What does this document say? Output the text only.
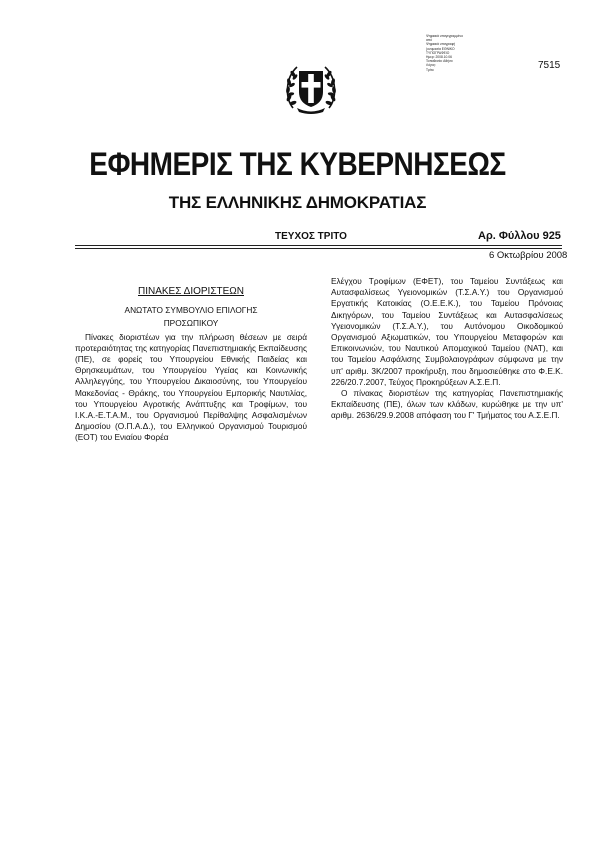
Ψηφιακά υπογεγραμμένο
από
Ψηφιακά υπογραφή
(ονομασία ΕΘΝΙΚΟ
ΤΥΠΟΓΡΑΦΕΙΟ
Ημερ: 2008.10.06
Τοποθεσία: Αθήνα
Λόγος:
Τρίτο	7515
ΕΦΗΜΕΡΙΣ ΤΗΣ ΚΥΒΕΡΝΗΣΕΩΣ
ΤΗΣ ΕΛΛΗΝΙΚΗΣ ΔΗΜΟΚΡΑΤΙΑΣ
ΤΕΥΧΟΣ ΤΡΙΤΟ	Αρ. Φύλλου 925
6 Οκτωβρίου 2008
ΠΙΝΑΚΕΣ ΔΙΟΡΙΣΤΕΩΝ
ΑΝΩΤΑΤΟ ΣΥΜΒΟΥΛΙΟ ΕΠΙΛΟΓΗΣ
ΠΡΟΣΩΠΙΚΟΥ

Πίνακες διοριστέων για την πλήρωση θέσεων με σειρά προτεραιότητας της κατηγορίας Πανεπιστημιακής Εκπαίδευσης (ΠΕ), σε φορείς του Υπουργείου Εθνικής Παιδείας και Θρησκευμάτων, του Υπουργείου Υγείας και Κοινωνικής Αλληλεγγύης, του Υπουργείου Δικαιοσύνης, του Υπουργείου Μακεδονίας - Θράκης, του Υπουργείου Εμπορικής Ναυτιλίας, του Υπουργείου Αγροτικής Ανάπτυξης και Τροφίμων, του Ι.Κ.Α.-Ε.Τ.Α.Μ., του Οργανισμού Περίθαλψης Ασφαλισμένων Δημοσίου (Ο.Π.Α.Δ.), του Ελληνικού Οργανισμού Τουρισμού (ΕΟΤ) του Ενιαίου Φορέα

Ελέγχου Τροφίμων (ΕΦΕΤ), του Ταμείου Συντάξεως και Αυτασφαλίσεως Υγειονομικών (Τ.Σ.Α.Υ.) του Οργανισμού Εργατικής Κατοικίας (Ο.Ε.Ε.Κ.), του Ταμείου Πρόνοιας Δικηγόρων, του Ταμείου Συντάξεως και Αυτασφαλίσεως Υγειονομικών (Τ.Σ.Α.Υ.), του Αυτόνομου Οικοδομικού Οργανισμού Αξιωματικών, του Υπουργείου Μεταφορών και Επικοινωνιών, του Ναυτικού Απομαχικού Ταμείου (ΝΑΤ), και του Ταμείου Ασφάλισης Συμβολαιογράφων σύμφωνα με την υπ' αριθμ. 3Κ/2007 προκήρυξη, που δημοσιεύθηκε στο Φ.Ε.Κ. 226/20.7.2007, Τεύχος Προκηρύξεων Α.Σ.Ε.Π.

Ο πίνακας διοριστέων της κατηγορίας Πανεπιστημιακής Εκπαίδευσης (ΠΕ), όλων των κλάδων, κυρώθηκε με την υπ' αριθμ. 2636/29.9.2008 απόφαση του Γ' Τμήματος του Α.Σ.Ε.Π.
